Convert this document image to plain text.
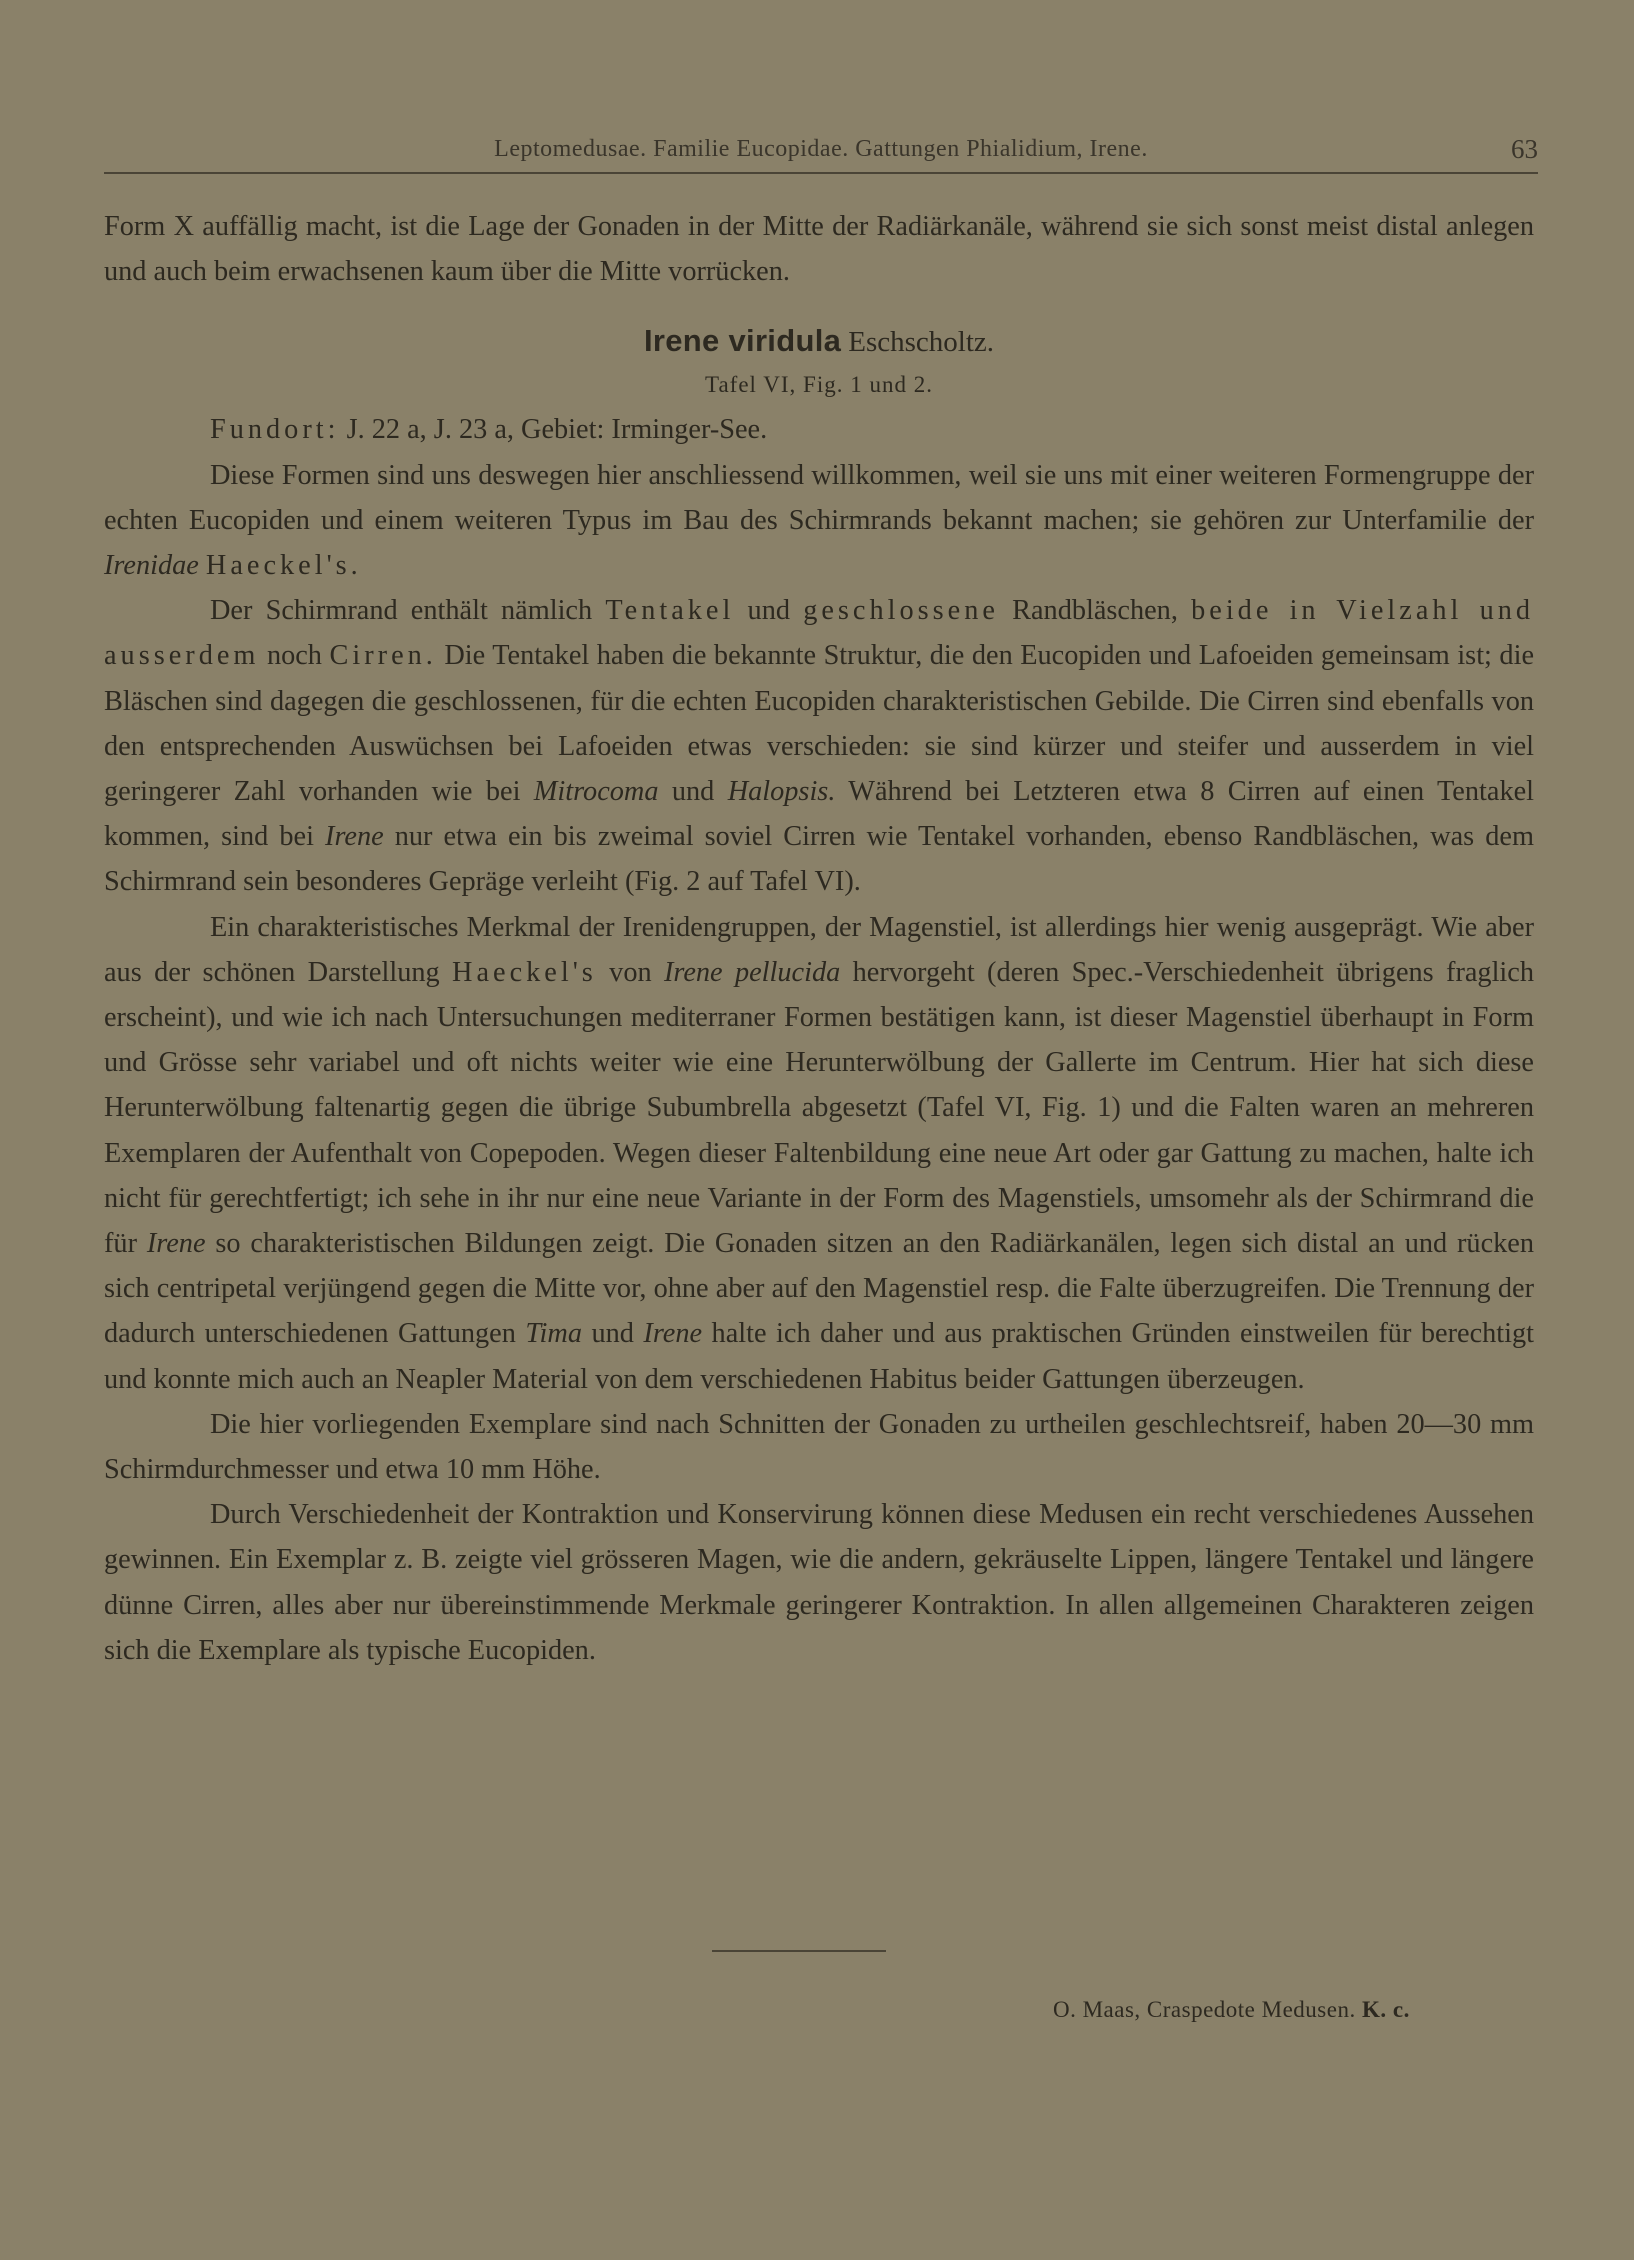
Leptomedusae. Familie Eucopidae. Gattungen Phialidium, Irene.	63

Form X auffällig macht, ist die Lage der Gonaden in der Mitte der Radiärkanäle, während sie sich sonst meist distal anlegen und auch beim erwachsenen kaum über die Mitte vorrücken.

Irene viridula Eschscholtz.
Tafel VI, Fig. 1 und 2.

Fundort: J. 22 a, J. 23 a, Gebiet: Irminger-See.

Diese Formen sind uns deswegen hier anschliessend willkommen, weil sie uns mit einer weiteren Formengruppe der echten Eucopiden und einem weiteren Typus im Bau des Schirmrands bekannt machen; sie gehören zur Unterfamilie der Irenidae Haeckel's.

Der Schirmrand enthält nämlich Tentakel und geschlossene Randbläschen, beide in Vielzahl und ausserdem noch Cirren. Die Tentakel haben die bekannte Struktur, die den Eucopiden und Lafoeiden gemeinsam ist; die Bläschen sind dagegen die geschlossenen, für die echten Eucopiden charakteristischen Gebilde. Die Cirren sind ebenfalls von den entsprechenden Auswüchsen bei Lafoeiden etwas verschieden: sie sind kürzer und steifer und ausserdem in viel geringerer Zahl vorhanden wie bei Mitrocoma und Halopsis. Während bei Letzteren etwa 8 Cirren auf einen Tentakel kommen, sind bei Irene nur etwa ein bis zweimal soviel Cirren wie Tentakel vorhanden, ebenso Randbläschen, was dem Schirmrand sein besonderes Gepräge verleiht (Fig. 2 auf Tafel VI).

Ein charakteristisches Merkmal der Irenidengruppen, der Magenstiel, ist allerdings hier wenig ausgeprägt. Wie aber aus der schönen Darstellung Haeckel's von Irene pellucida hervorgeht (deren Spec.-Verschiedenheit übrigens fraglich erscheint), und wie ich nach Untersuchungen mediterraner Formen bestätigen kann, ist dieser Magenstiel überhaupt in Form und Grösse sehr variabel und oft nichts weiter wie eine Herunterwölbung der Gallerte im Centrum. Hier hat sich diese Herunterwölbung faltenartig gegen die übrige Subumbrella abgesetzt (Tafel VI, Fig. 1) und die Falten waren an mehreren Exemplaren der Aufenthalt von Copepoden. Wegen dieser Faltenbildung eine neue Art oder gar Gattung zu machen, halte ich nicht für gerechtfertigt; ich sehe in ihr nur eine neue Variante in der Form des Magenstiels, umsomehr als der Schirmrand die für Irene so charakteristischen Bildungen zeigt. Die Gonaden sitzen an den Radiärkanälen, legen sich distal an und rücken sich centripetal verjüngend gegen die Mitte vor, ohne aber auf den Magenstiel resp. die Falte überzugreifen. Die Trennung der dadurch unterschiedenen Gattungen Tima und Irene halte ich daher und aus praktischen Gründen einstweilen für berechtigt und konnte mich auch an Neapler Material von dem verschiedenen Habitus beider Gattungen überzeugen.

Die hier vorliegenden Exemplare sind nach Schnitten der Gonaden zu urtheilen geschlechtsreif, haben 20—30 mm Schirmdurchmesser und etwa 10 mm Höhe.

Durch Verschiedenheit der Kontraktion und Konservirung können diese Medusen ein recht verschiedenes Aussehen gewinnen. Ein Exemplar z. B. zeigte viel grösseren Magen, wie die andern, gekräuselte Lippen, längere Tentakel und längere dünne Cirren, alles aber nur übereinstimmende Merkmale geringerer Kontraktion. In allen allgemeinen Charakteren zeigen sich die Exemplare als typische Eucopiden.

O. Maas, Craspedote Medusen. K. c.
